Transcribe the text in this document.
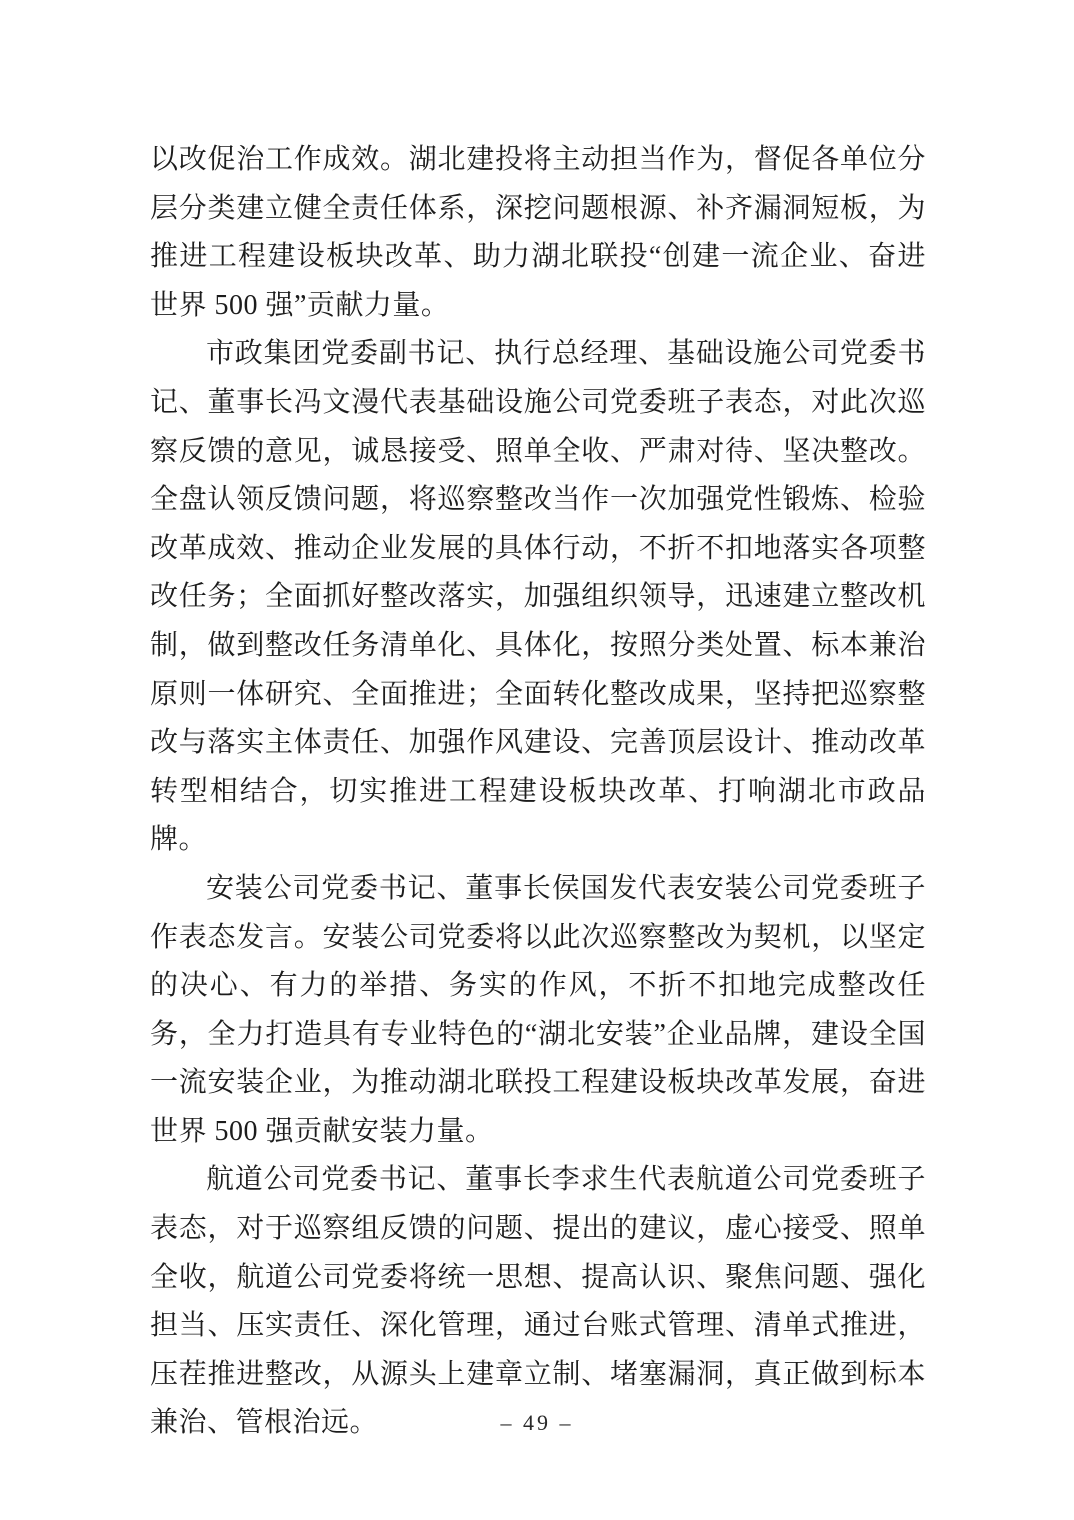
以改促治工作成效。湖北建投将主动担当作为，督促各单位分层分类建立健全责任体系，深挖问题根源、补齐漏洞短板，为推进工程建设板块改革、助力湖北联投“创建一流企业、奋进世界 500 强”贡献力量。

市政集团党委副书记、执行总经理、基础设施公司党委书记、董事长冯文漫代表基础设施公司党委班子表态，对此次巡察反馈的意见，诚恳接受、照单全收、严肃对待、坚决整改。全盘认领反馈问题，将巡察整改当作一次加强党性锻炼、检验改革成效、推动企业发展的具体行动，不折不扣地落实各项整改任务；全面抓好整改落实，加强组织领导，迅速建立整改机制，做到整改任务清单化、具体化，按照分类处置、标本兼治原则一体研究、全面推进；全面转化整改成果，坚持把巡察整改与落实主体责任、加强作风建设、完善顶层设计、推动改革转型相结合，切实推进工程建设板块改革、打响湖北市政品牌。

安装公司党委书记、董事长侯国发代表安装公司党委班子作表态发言。安装公司党委将以此次巡察整改为契机，以坚定的决心、有力的举措、务实的作风，不折不扣地完成整改任务，全力打造具有专业特色的“湖北安装”企业品牌，建设全国一流安装企业，为推动湖北联投工程建设板块改革发展，奋进世界 500 强贡献安装力量。

航道公司党委书记、董事长李求生代表航道公司党委班子表态，对于巡察组反馈的问题、提出的建议，虚心接受、照单全收，航道公司党委将统一思想、提高认识、聚焦问题、强化担当、压实责任、深化管理，通过台账式管理、清单式推进，压茬推进整改，从源头上建章立制、堵塞漏洞，真正做到标本兼治、管根治远。	– 49 –
